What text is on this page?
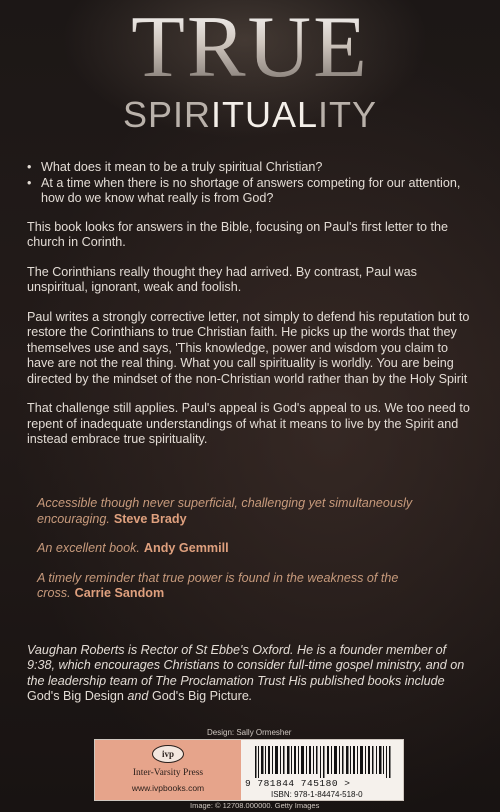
TRUE
SPIRITUALITY
• What does it mean to be a truly spiritual Christian?
• At a time when there is no shortage of answers competing for our attention, how do we know what really is from God?

This book looks for answers in the Bible, focusing on Paul's first letter to the church in Corinth.

The Corinthians really thought they had arrived. By contrast, Paul was unspiritual, ignorant, weak and foolish.

Paul writes a strongly corrective letter, not simply to defend his reputation but to restore the Corinthians to true Christian faith. He picks up the words that they themselves use and says, 'This knowledge, power and wisdom you claim to have are not the real thing. What you call spirituality is worldly. You are being directed by the mindset of the non-Christian world rather than by the Holy Spirit

That challenge still applies. Paul's appeal is God's appeal to us. We too need to repent of inadequate understandings of what it means to live by the Spirit and instead embrace true spirituality.

Accessible though never superficial, challenging yet simultaneously encouraging. Steve Brady

An excellent book. Andy Gemmill

A timely reminder that true power is found in the weakness of the cross. Carrie Sandom

Vaughan Roberts is Rector of St Ebbe's Oxford. He is a founder member of 9:38, which encourages Christians to consider full-time gospel ministry, and on the leadership team of The Proclamation Trust His published books include God's Big Design and God's Big Picture.

Design: Sally Ormesher
ivp
Inter-Varsity Press
www.ivpbooks.com	9 781844 745180 >
ISBN: 978-1-84474-518-0
Image: © 12708.000000. Getty Images
